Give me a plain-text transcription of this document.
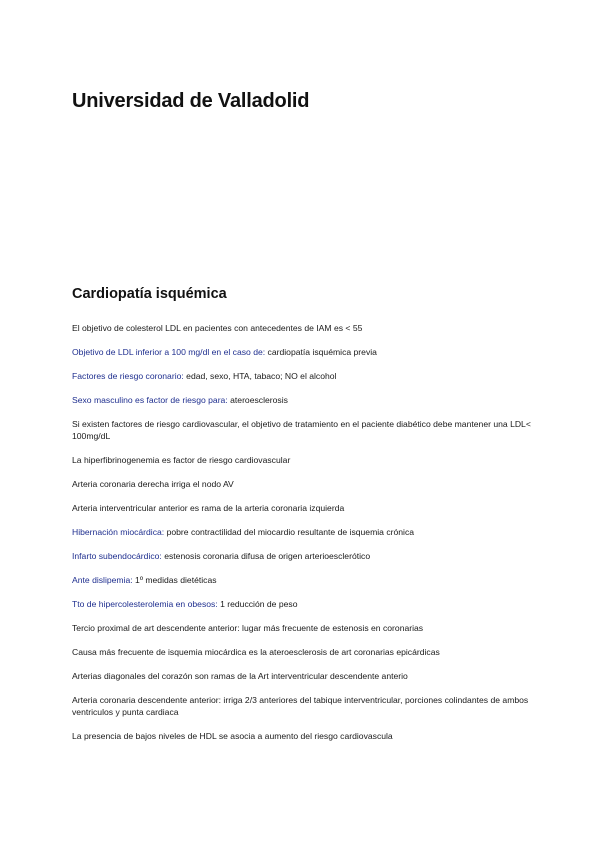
Universidad de Valladolid
Cardiopatía isquémica

El objetivo de colesterol LDL en pacientes con antecedentes de IAM es < 55

Objetivo de LDL inferior a 100 mg/dl en el caso de: cardiopatía isquémica previa

Factores de riesgo coronario: edad, sexo, HTA, tabaco; NO el alcohol

Sexo masculino es factor de riesgo para: ateroesclerosis

Si existen factores de riesgo cardiovascular, el objetivo de tratamiento en el paciente diabético debe mantener una LDL< 100mg/dL

La hiperfibrinogenemia es factor de riesgo cardiovascular

Arteria coronaria derecha irriga el nodo AV

Arteria interventricular anterior es rama de la arteria coronaria izquierda

Hibernación miocárdica: pobre contractilidad del miocardio resultante de isquemia crónica

Infarto subendocárdico: estenosis coronaria difusa de origen arterioesclerótico

Ante dislipemia: 1º medidas dietéticas

Tto de hipercolesterolemia en obesos: 1 reducción de peso

Tercio proximal de art descendente anterior: lugar más frecuente de estenosis en coronarias

Causa más frecuente de isquemia miocárdica es la ateroesclerosis de art coronarias epicárdicas

Arterias diagonales del corazón son ramas de la Art interventricular descendente anterio

Arteria coronaria descendente anterior: irriga 2/3 anteriores del tabique interventricular, porciones colindantes de ambos ventriculos y punta cardiaca

La presencia de bajos niveles de HDL se asocia a aumento del riesgo cardiovascula
